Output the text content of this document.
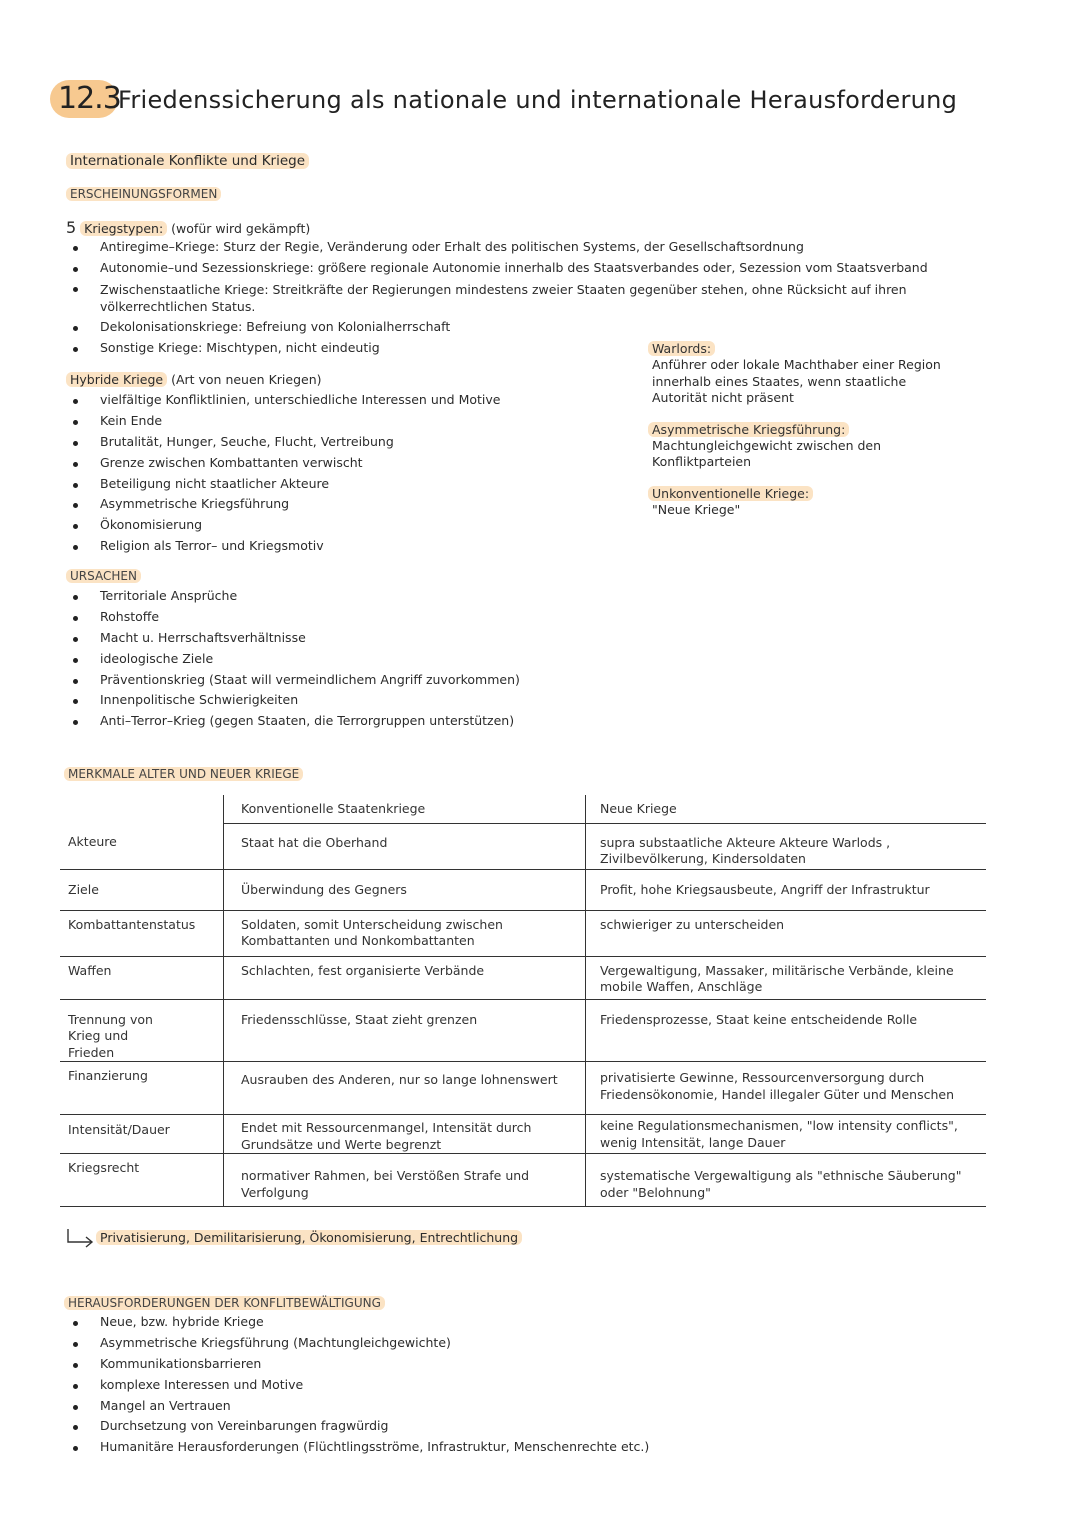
12.3
Friedenssicherung als nationale und internationale Herausforderung
Internationale Konflikte und Kriege
ERSCHEINUNGSFORMEN
5 Kriegstypen: (wofür wird gekämpft)
Antiregime–Kriege: Sturz der Regie, Veränderung oder Erhalt des politischen Systems, der Gesellschaftsordnung
Autonomie–und Sezessionskriege: größere regionale Autonomie innerhalb des Staatsverbandes oder, Sezession vom Staatsverband
Zwischenstaatliche Kriege: Streitkräfte der Regierungen mindestens zweier Staaten gegenüber stehen, ohne Rücksicht auf ihren völkerrechtlichen Status.
Dekolonisationskriege: Befreiung von Kolonialherrschaft
Sonstige Kriege: Mischtypen, nicht eindeutig
Hybride Kriege (Art von neuen Kriegen)
vielfältige Konfliktlinien, unterschiedliche Interessen und Motive
Kein Ende
Brutalität, Hunger, Seuche, Flucht, Vertreibung
Grenze zwischen Kombattanten verwischt
Beteiligung nicht staatlicher Akteure
Asymmetrische Kriegsführung
Ökonomisierung
Religion als Terror– und Kriegsmotiv
Warlords:

Anführer oder lokale Machthaber einer Region innerhalb eines Staates, wenn staatliche Autorität nicht präsent

Asymmetrische Kriegsführung:

Machtungleichgewicht zwischen den Konfliktparteien

Unkonventionelle Kriege:

"Neue Kriege"

URSACHEN
Territoriale Ansprüche
Rohstoffe
Macht u. Herrschaftsverhältnisse
ideologische Ziele
Präventionskrieg (Staat will vermeindlichem Angriff zuvorkommen)
Innenpolitische Schwierigkeiten
Anti–Terror–Krieg (gegen Staaten, die Terrorgruppen unterstützen)
MERKMALE ALTER UND NEUER KRIEGE
	Konventionelle Staatenkriege	Neue Kriege
Akteure	Staat hat die Oberhand	supra substaatliche Akteure Akteure Warlods , Zivilbevölkerung, Kindersoldaten
Ziele	Überwindung des Gegners	Profit, hohe Kriegsausbeute, Angriff der Infrastruktur
Kombattantenstatus	Soldaten, somit Unterscheidung zwischen Kombattanten und Nonkombattanten	schwieriger zu unterscheiden
Waffen	Schlachten, fest organisierte Verbände	Vergewaltigung, Massaker, militärische Verbände, kleine mobile Waffen, Anschläge

Trennung von Krieg und Frieden	Friedensschlüsse, Staat zieht grenzen	Friedensprozesse, Staat keine entscheidende Rolle
Finanzierung	Ausrauben des Anderen, nur so lange lohnenswert	privatisierte Gewinne, Ressourcenversorgung durch Friedensökonomie, Handel illegaler Güter und Menschen
Intensität/Dauer	Endet mit Ressourcenmangel, Intensität durch Grundsätze und Werte begrenzt	keine Regulationsmechanismen, "low intensity conflicts", wenig Intensität, lange Dauer
Kriegsrecht	normativer Rahmen, bei Verstößen Strafe und Verfolgung	systematische Vergewaltigung als "ethnische Säuberung" oder "Belohnung"
Privatisierung, Demilitarisierung, Ökonomisierung, Entrechtlichung
HERAUSFORDERUNGEN DER KONFLITBEWÄLTIGUNG
Neue, bzw. hybride Kriege
Asymmetrische Kriegsführung (Machtungleichgewichte)
Kommunikationsbarrieren
komplexe Interessen und Motive
Mangel an Vertrauen
Durchsetzung von Vereinbarungen fragwürdig
Humanitäre Herausforderungen (Flüchtlingsströme, Infrastruktur, Menschenrechte etc.)
